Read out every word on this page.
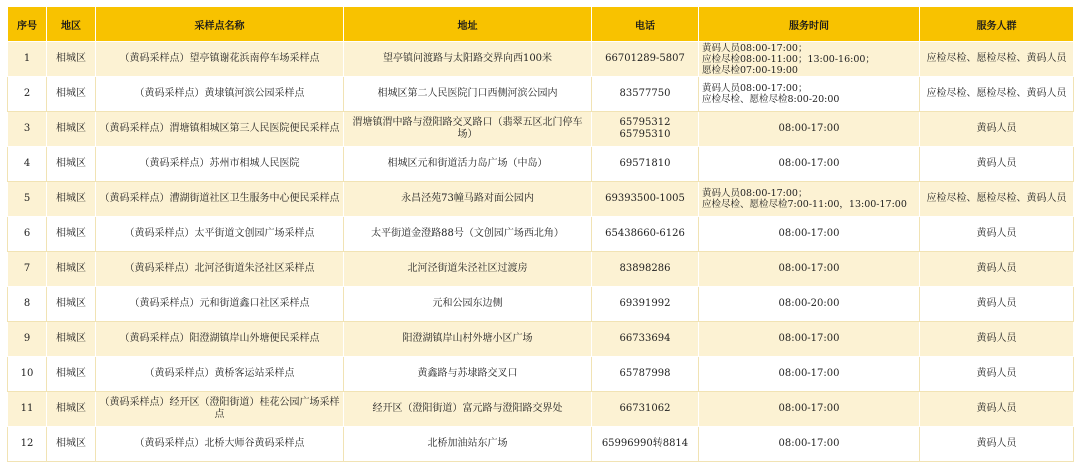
序号	地区	采样点名称	地址	电话	服务时间	服务人群
1	相城区	（黄码采样点）望亭镇谢花浜南停车场采样点	望亭镇问渡路与太阳路交界向西100米	66701289-5807	黄码人员08:00-17:00；
应检尽检08:00-11:00；13:00-16:00；
愿检尽检07:00-19:00	应检尽检、愿检尽检、黄码人员
2	相城区	（黄码采样点）黄埭镇河滨公园采样点	相城区第二人民医院门口西侧河滨公园内	83577750	黄码人员08:00-17:00；
应检尽检、愿检尽检8:00-20:00	应检尽检、愿检尽检、黄码人员
3	相城区	（黄码采样点）渭塘镇相城区第三人民医院便民采样点	渭塘镇渭中路与澄阳路交叉路口（翡翠五区北门停车
场）	65795312
65795310	08:00-17:00	黄码人员
4	相城区	（黄码采样点）苏州市相城人民医院	相城区元和街道活力岛广场（中岛）	69571810	08:00-17:00	黄码人员
5	相城区	（黄码采样点）漕湖街道社区卫生服务中心便民采样点	永昌泾苑73幢马路对面公园内	69393500-1005	黄码人员08:00-17:00；
应检尽检、愿检尽检7:00-11:00，13:00-17:00	应检尽检、愿检尽检、黄码人员
6	相城区	（黄码采样点）太平街道文创园广场采样点	太平街道金澄路88号（文创园广场西北角）	65438660-6126	08:00-17:00	黄码人员
7	相城区	（黄码采样点）北河泾街道朱泾社区采样点	北河泾街道朱泾社区过渡房	83898286	08:00-17:00	黄码人员
8	相城区	（黄码采样点）元和街道鑫口社区采样点	元和公园东边侧	69391992	08:00-20:00	黄码人员
9	相城区	（黄码采样点）阳澄湖镇岸山外塘便民采样点	阳澄湖镇岸山村外塘小区广场	66733694	08:00-17:00	黄码人员
10	相城区	（黄码采样点）黄桥客运站采样点	黄鑫路与苏埭路交叉口	65787998	08:00-17:00	黄码人员
11	相城区	（黄码采样点）经开区（澄阳街道）桂花公园广场采样点	经开区（澄阳街道）富元路与澄阳路交界处	66731062	08:00-17:00	黄码人员
12	相城区	（黄码采样点）北桥大师谷黄码采样点	北桥加油站东广场	65996990转8814	08:00-17:00	黄码人员
